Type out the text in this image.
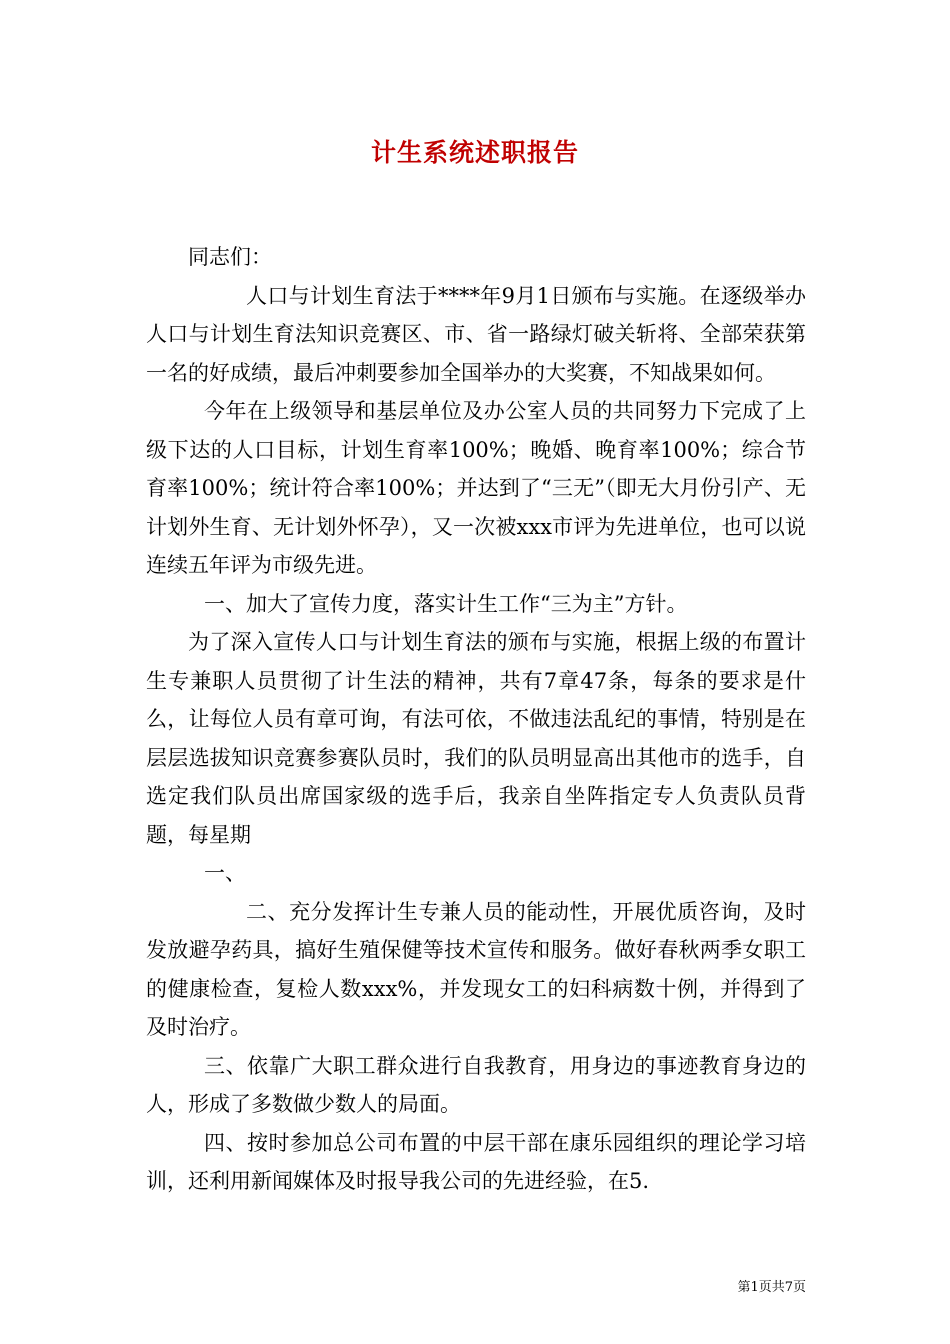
计生系统述职报告

同志们：

人口与计划生育法于****年9月1日颁布与实施。在逐级举办人口与计划生育法知识竞赛区、市、省一路绿灯破关斩将、全部荣获第一名的好成绩，最后冲刺要参加全国举办的大奖赛，不知战果如何。

今年在上级领导和基层单位及办公室人员的共同努力下完成了上级下达的人口目标，计划生育率100%；晚婚、晚育率100%；综合节育率100%；统计符合率100%；并达到了“三无”（即无大月份引产、无计划外生育、无计划外怀孕），又一次被xxx市评为先进单位，也可以说连续五年评为市级先进。

一、加大了宣传力度，落实计生工作“三为主”方针。

为了深入宣传人口与计划生育法的颁布与实施，根据上级的布置计生专兼职人员贯彻了计生法的精神，共有7章47条，每条的要求是什么，让每位人员有章可询，有法可依，不做违法乱纪的事情，特别是在层层选拔知识竞赛参赛队员时，我们的队员明显高出其他市的选手，自选定我们队员出席国家级的选手后，我亲自坐阵指定专人负责队员背题，每星期

一、

二、充分发挥计生专兼人员的能动性，开展优质咨询，及时发放避孕药具，搞好生殖保健等技术宣传和服务。做好春秋两季女职工的健康检查，复检人数xxx%，并发现女工的妇科病数十例，并得到了及时治疗。

三、依靠广大职工群众进行自我教育，用身边的事迹教育身边的人，形成了多数做少数人的局面。

四、按时参加总公司布置的中层干部在康乐园组织的理论学习培训，还利用新闻媒体及时报导我公司的先进经验，在5.

第1页共7页
